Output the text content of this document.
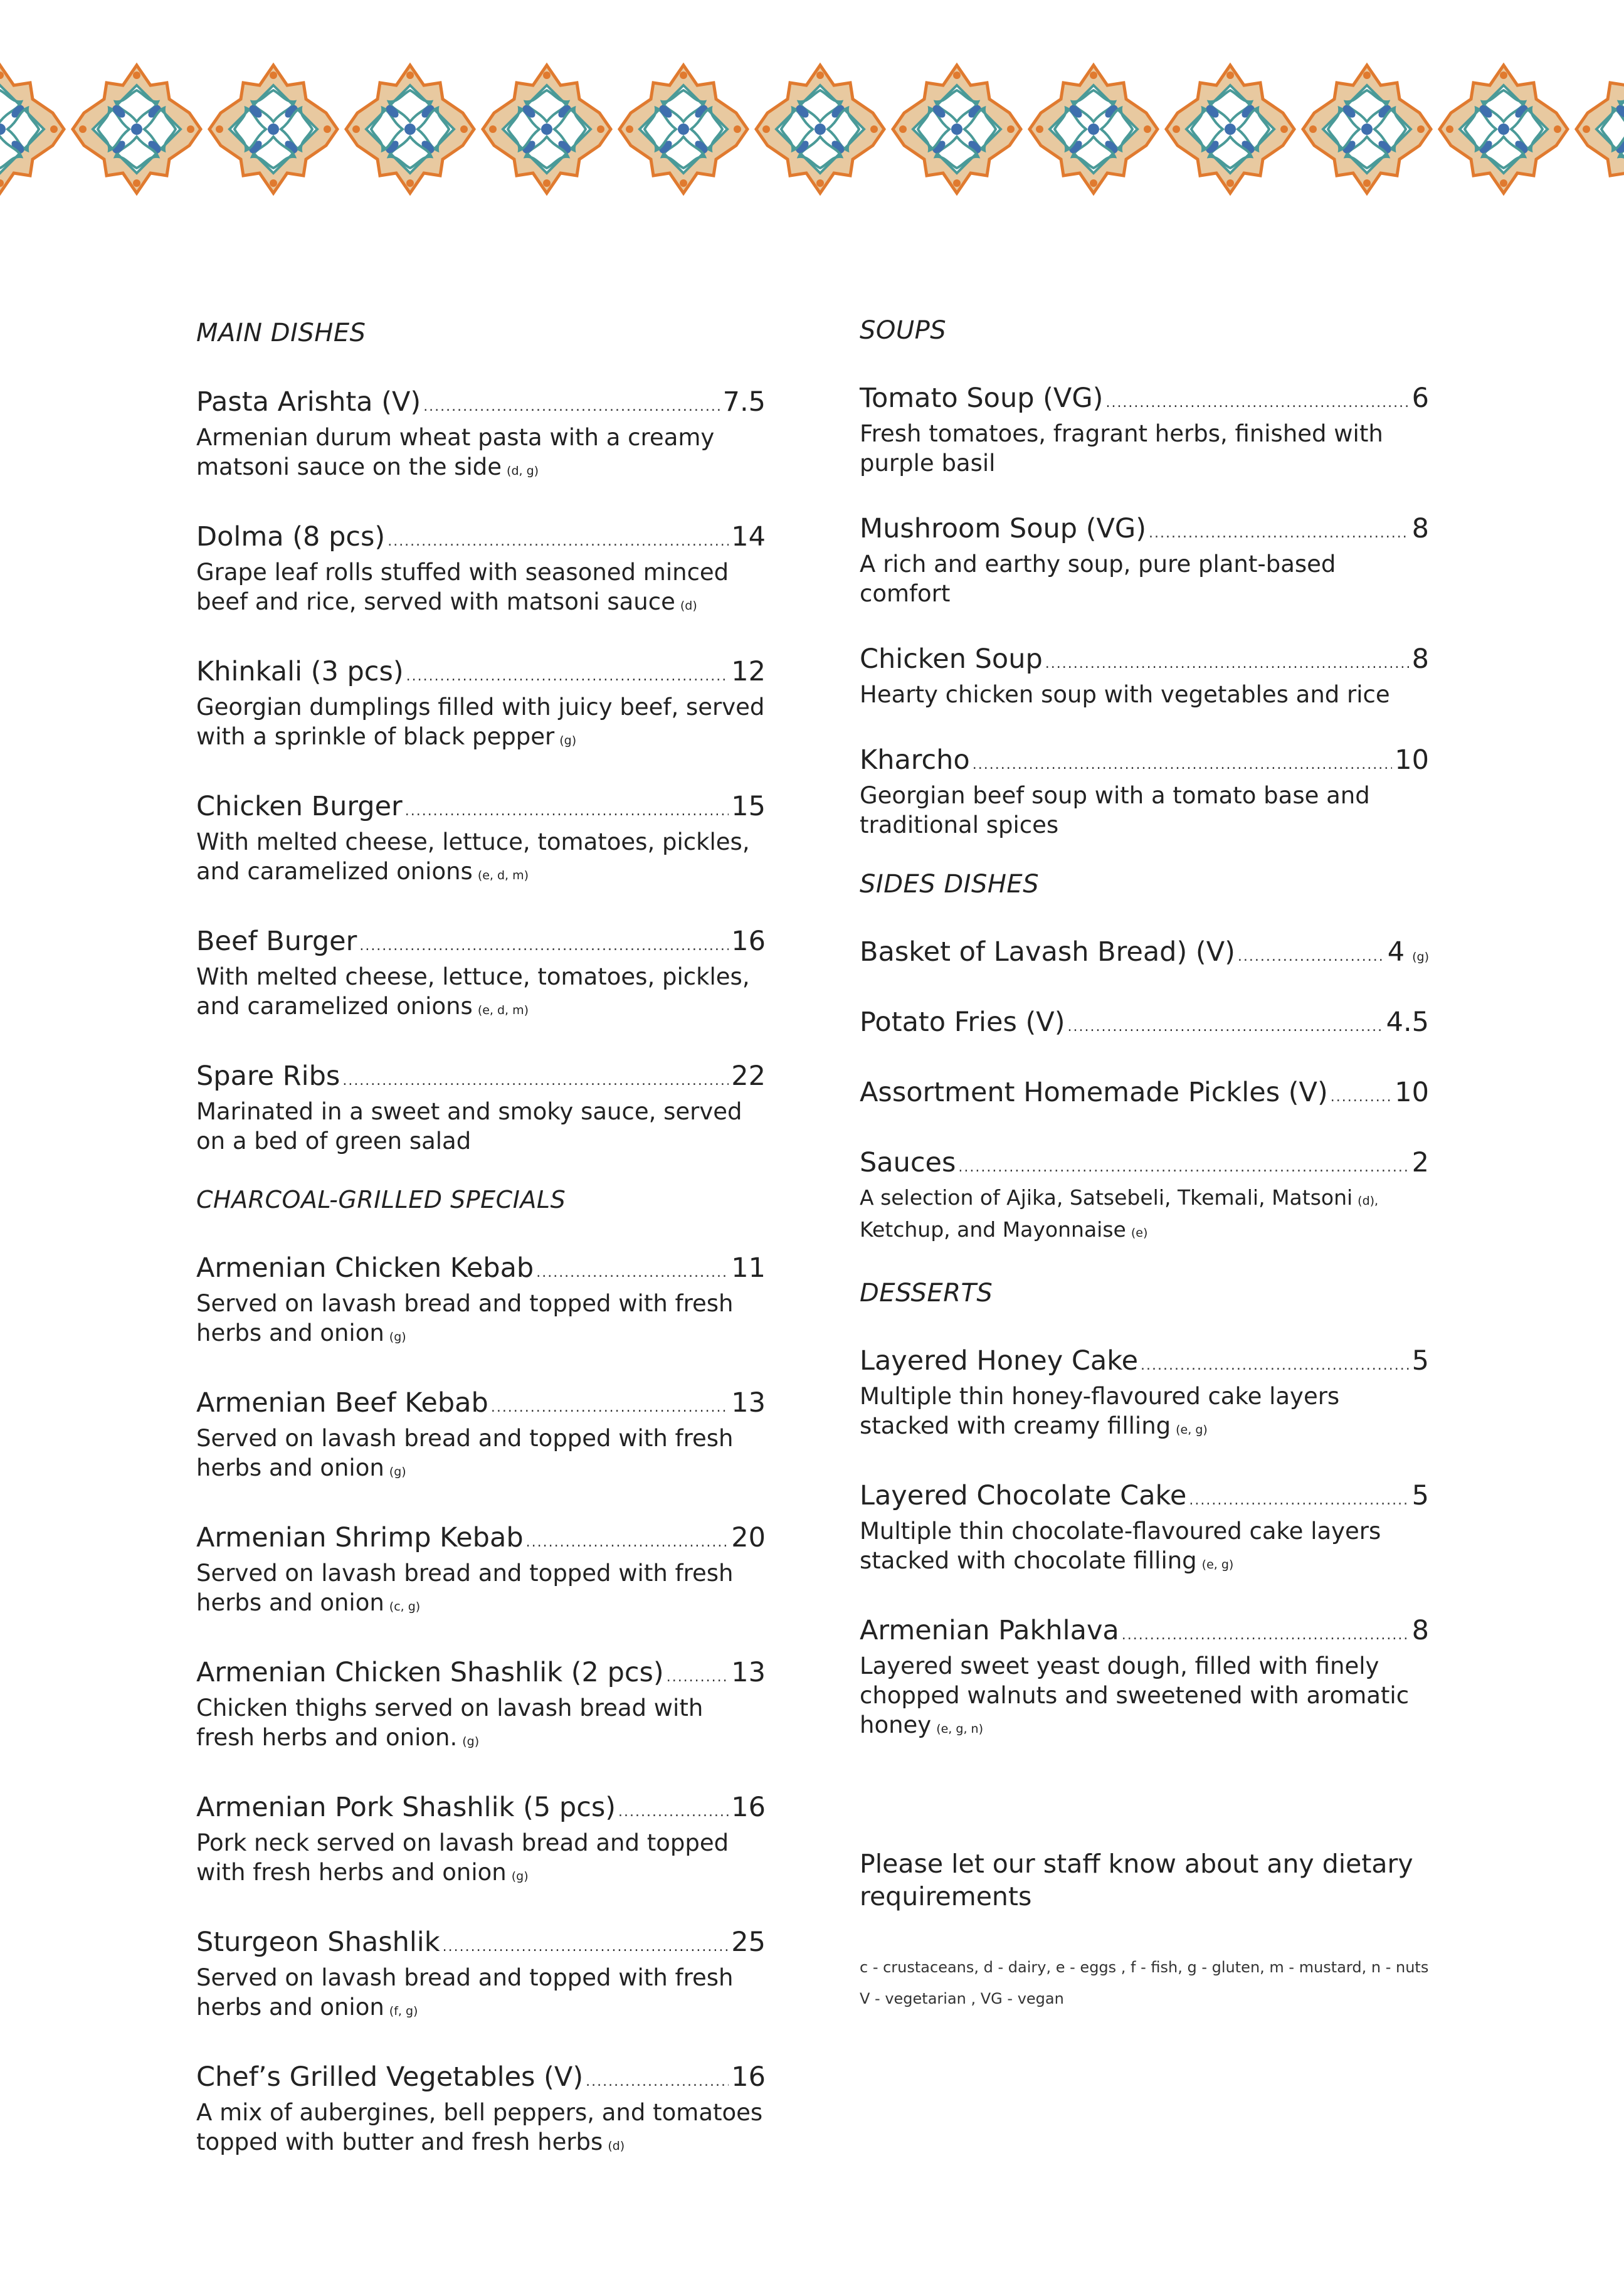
MAIN DISHES
Pasta Arishta (V) .....	7.5
Armenian durum wheat pasta with a creamy matsoni sauce on the side (d, g)
Dolma (8 pcs) .....	14
Grape leaf rolls stuffed with seasoned minced beef and rice, served with matsoni sauce (d)
Khinkali (3 pcs) .....	12
Georgian dumplings filled with juicy beef, served with a sprinkle of black pepper (g)
Chicken Burger .....	15
With melted cheese, lettuce, tomatoes, pickles, and caramelized onions (e, d, m)
Beef Burger .....	16
With melted cheese, lettuce, tomatoes, pickles, and caramelized onions (e, d, m)
Spare Ribs .....	22
Marinated in a sweet and smoky sauce, served on a bed of green salad
CHARCOAL-GRILLED SPECIALS
Armenian Chicken Kebab .....	11
Served on lavash bread and topped with fresh herbs and onion (g)
Armenian Beef Kebab .....	13
Served on lavash bread and topped with fresh herbs and onion (g)
Armenian Shrimp Kebab .....	20
Served on lavash bread and topped with fresh herbs and onion (c, g)
Armenian Chicken Shashlik (2 pcs) .....	13
Chicken thighs served on lavash bread with fresh herbs and onion. (g)
Armenian Pork Shashlik (5 pcs) .....	16
Pork neck served on lavash bread and topped with fresh herbs and onion (g)
Sturgeon Shashlik .....	25
Served on lavash bread and topped with fresh herbs and onion (f, g)
Chef’s Grilled Vegetables (V) .....	16
A mix of aubergines, bell peppers, and tomatoes topped with butter and fresh herbs (d)
SOUPS
Tomato Soup (VG) .....	6
Fresh tomatoes, fragrant herbs, finished with purple basil
Mushroom Soup (VG) .....	8
A rich and earthy soup, pure plant-based comfort
Chicken Soup .....	8
Hearty chicken soup with vegetables and rice
Kharcho .....	10
Georgian beef soup with a tomato base and traditional spices
SIDES DISHES
Basket of Lavash Bread) (V) .....	4 (g)
Potato Fries (V) .....	4.5
Assortment Homemade Pickles (V) ..... 10
Sauces .....	2
A selection of Ajika, Satsebeli, Tkemali, Matsoni (d),
Ketchup, and Mayonnaise (e)
DESSERTS
Layered Honey Cake .....	5
Multiple thin honey-flavoured cake layers stacked with creamy filling (e, g)
Layered Chocolate Cake .....	5
Multiple thin chocolate-flavoured cake layers stacked with chocolate filling (e, g)
Armenian Pakhlava .....	8
Layered sweet yeast dough, filled with finely chopped walnuts and sweetened with aromatic honey (e, g, n)
Please let our staff know about any dietary requirements
c - crustaceans, d - dairy, e - eggs , f - fish, g - gluten, m - mustard, n - nuts
V - vegetarian , VG - vegan
